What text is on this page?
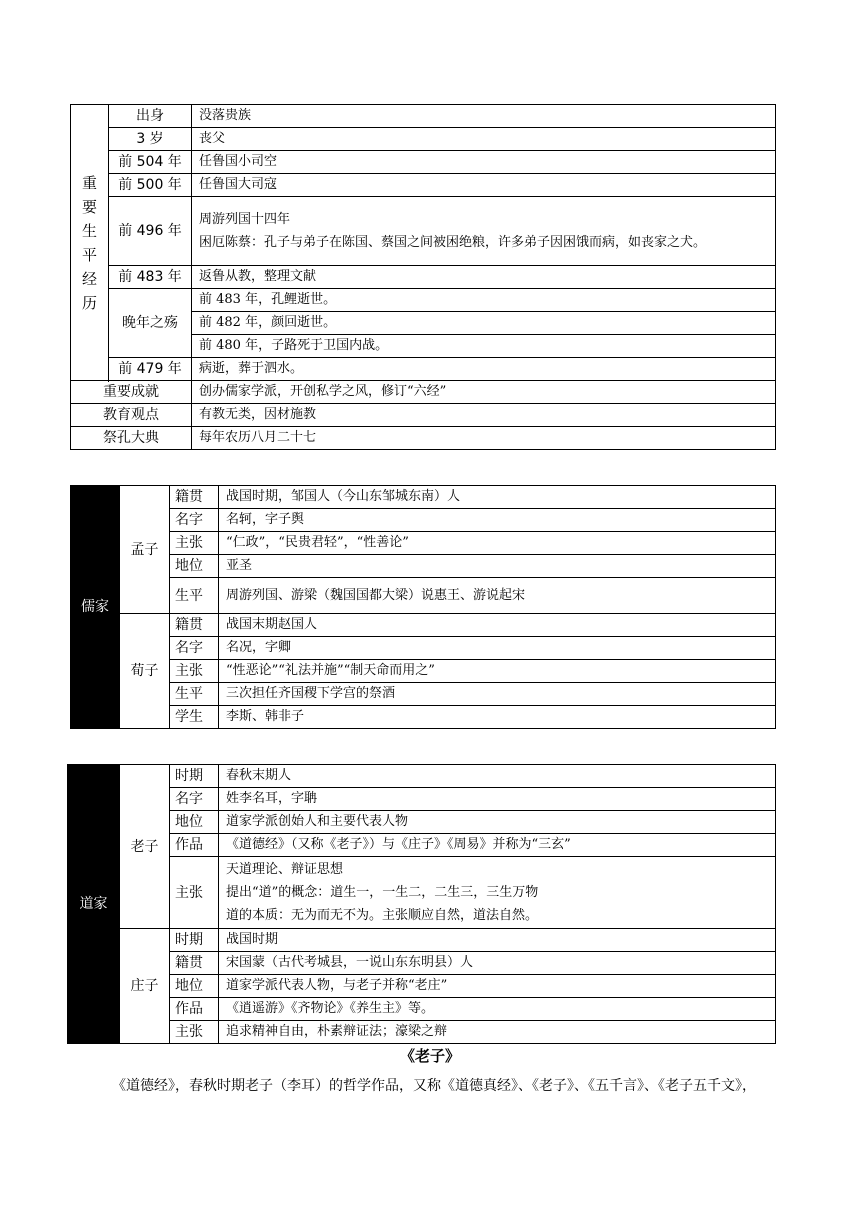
重要生平经历	出身	没落贵族
	3 岁	丧父
	前 504 年	任鲁国小司空
	前 500 年	任鲁国大司寇
	前 496 年	周游列国十四年
困厄陈蔡：孔子与弟子在陈国、蔡国之间被困绝粮，许多弟子因困饿而病，如丧家之犬。

	前 483 年	返鲁从教，整理文献
	晚年之殇	前 483 年，孔鲤逝世。
		前 482 年，颜回逝世。
		前 480 年，子路死于卫国内战。
	前 479 年	病逝，葬于泗水。

重要成就		创办儒家学派，开创私学之风，修订“六经”
教育观点		有教无类，因材施教
祭孔大典		每年农历八月二十七
儒家	孟子	籍贯	战国时期，邹国人（今山东邹城东南）人
		名字	名轲，字子舆
		主张	“仁政”，“民贵君轻”，“性善论”
		地位	亚圣
		生平	周游列国、游梁（魏国国都大梁）说惠王、游说起宋
	荀子	籍贯	战国末期赵国人
		名字	名况，字卿
		主张	“性恶论”“礼法并施”“制天命而用之”
		生平	三次担任齐国稷下学宫的祭酒
		学生	李斯、韩非子
道家	老子	时期	春秋末期人
		名字	姓李名耳，字聃
		地位	道家学派创始人和主要代表人物
		作品	《道德经》（又称《老子》）与《庄子》《周易》并称为“三玄”
		主张	天道理论、辩证思想
提出“道”的概念：道生一，一生二，二生三，三生万物
道的本质：无为而无不为。主张顺应自然，道法自然。

	庄子	时期	战国时期
		籍贯	宋国蒙（古代考城县，一说山东东明县）人
		地位	道家学派代表人物，与老子并称“老庄”
		作品	《逍遥游》《齐物论》《养生主》等。
		主张	追求精神自由，朴素辩证法；濠梁之辩
《老子》
《道德经》，春秋时期老子（李耳）的哲学作品，又称《道德真经》、《老子》、《五千言》、《老子五千文》，
